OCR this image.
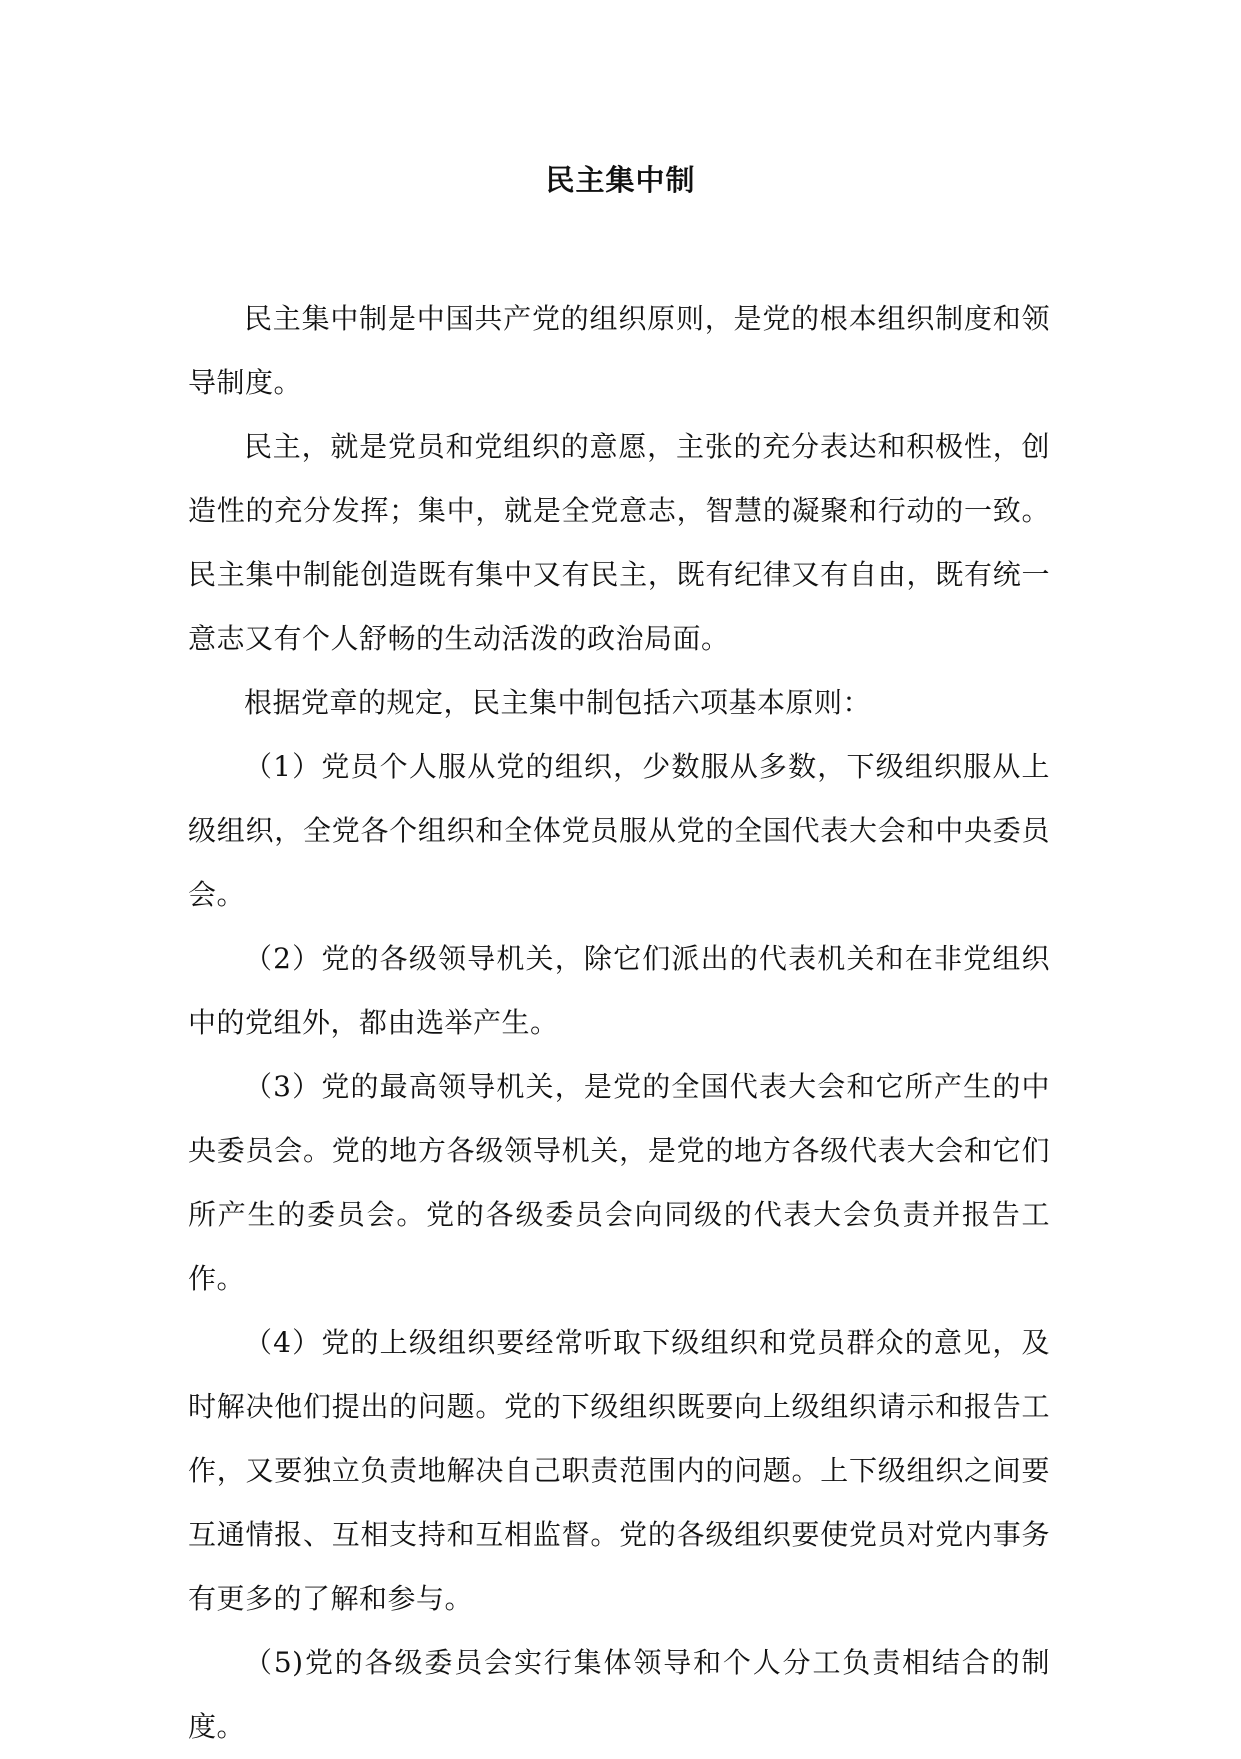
民主集中制

民主集中制是中国共产党的组织原则，是党的根本组织制度和领导制度。

民主，就是党员和党组织的意愿，主张的充分表达和积极性，创造性的充分发挥；集中，就是全党意志，智慧的凝聚和行动的一致。民主集中制能创造既有集中又有民主，既有纪律又有自由，既有统一意志又有个人舒畅的生动活泼的政治局面。

根据党章的规定，民主集中制包括六项基本原则：

（1）党员个人服从党的组织，少数服从多数，下级组织服从上级组织，全党各个组织和全体党员服从党的全国代表大会和中央委员会。

（2）党的各级领导机关，除它们派出的代表机关和在非党组织中的党组外，都由选举产生。

（3）党的最高领导机关，是党的全国代表大会和它所产生的中央委员会。党的地方各级领导机关，是党的地方各级代表大会和它们所产生的委员会。党的各级委员会向同级的代表大会负责并报告工作。

（4）党的上级组织要经常听取下级组织和党员群众的意见，及时解决他们提出的问题。党的下级组织既要向上级组织请示和报告工作，又要独立负责地解决自己职责范围内的问题。上下级组织之间要互通情报、互相支持和互相监督。党的各级组织要使党员对党内事务有更多的了解和参与。

（5)党的各级委员会实行集体领导和个人分工负责相结合的制度。
